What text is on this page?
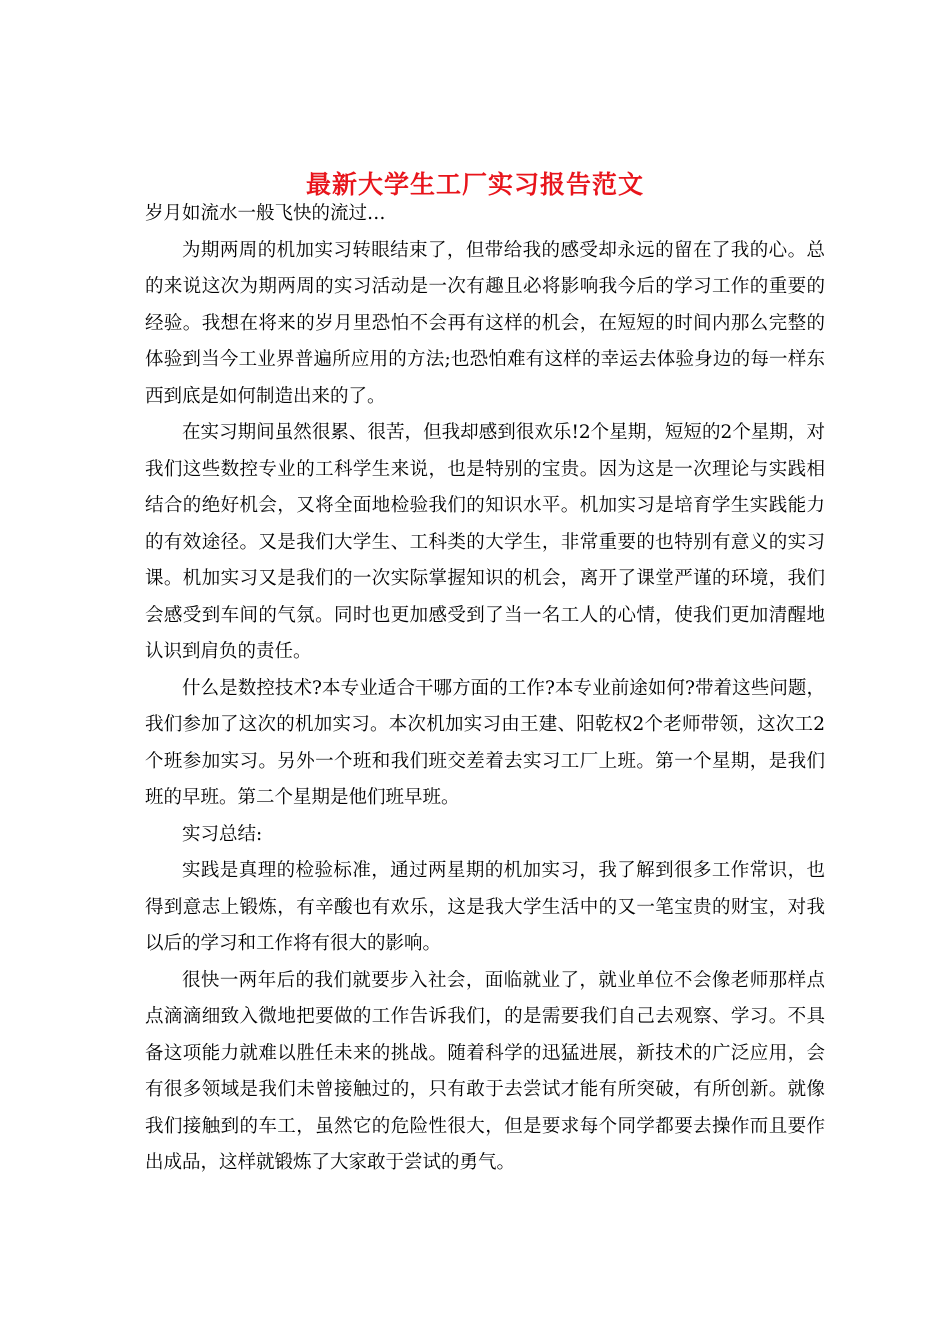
最新大学生工厂实习报告范文

岁月如流水一般飞快的流过…

为期两周的机加实习转眼结束了，但带给我的感受却永远的留在了我的心。总的来说这次为期两周的实习活动是一次有趣且必将影响我今后的学习工作的重要的经验。我想在将来的岁月里恐怕不会再有这样的机会，在短短的时间内那么完整的体验到当今工业界普遍所应用的方法;也恐怕难有这样的幸运去体验身边的每一样东西到底是如何制造出来的了。

在实习期间虽然很累、很苦，但我却感到很欢乐!2个星期，短短的2个星期，对我们这些数控专业的工科学生来说，也是特别的宝贵。因为这是一次理论与实践相结合的绝好机会，又将全面地检验我们的知识水平。机加实习是培育学生实践能力的有效途径。又是我们大学生、工科类的大学生，非常重要的也特别有意义的实习课。机加实习又是我们的一次实际掌握知识的机会，离开了课堂严谨的环境，我们会感受到车间的气氛。同时也更加感受到了当一名工人的心情，使我们更加清醒地认识到肩负的责任。

什么是数控技术?本专业适合干哪方面的工作?本专业前途如何?带着这些问题，我们参加了这次的机加实习。本次机加实习由王建、阳乾权2个老师带领，这次工2个班参加实习。另外一个班和我们班交差着去实习工厂上班。第一个星期，是我们班的早班。第二个星期是他们班早班。

实习总结:

实践是真理的检验标准，通过两星期的机加实习，我了解到很多工作常识，也得到意志上锻炼，有辛酸也有欢乐，这是我大学生活中的又一笔宝贵的财宝，对我以后的学习和工作将有很大的影响。

很快一两年后的我们就要步入社会，面临就业了，就业单位不会像老师那样点点滴滴细致入微地把要做的工作告诉我们，的是需要我们自己去观察、学习。不具备这项能力就难以胜任未来的挑战。随着科学的迅猛进展，新技术的广泛应用，会有很多领域是我们未曾接触过的，只有敢于去尝试才能有所突破，有所创新。就像我们接触到的车工，虽然它的危险性很大，但是要求每个同学都要去操作而且要作出成品，这样就锻炼了大家敢于尝试的勇气。
